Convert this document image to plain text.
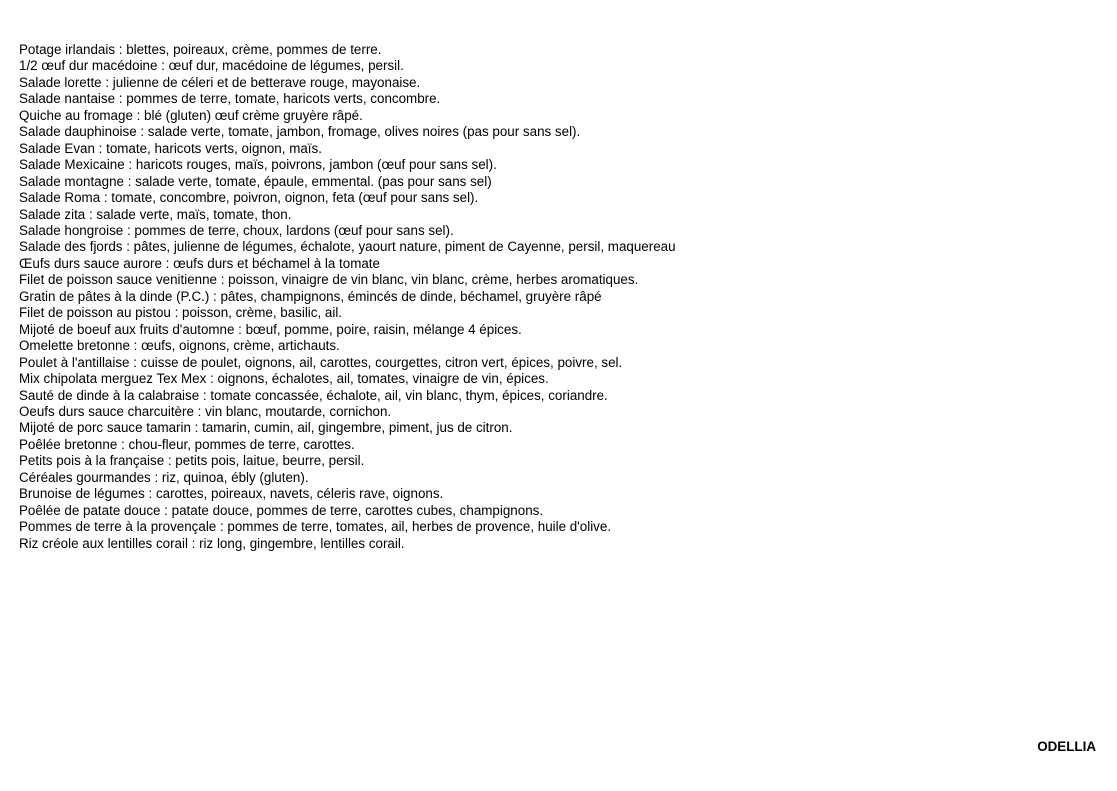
Potage irlandais : blettes, poireaux, crème, pommes de terre.
1/2 œuf dur macédoine : œuf dur, macédoine de légumes, persil.
Salade lorette : julienne de céleri et de betterave rouge, mayonaise.
Salade nantaise : pommes de terre, tomate, haricots verts, concombre.
Quiche au fromage : blé (gluten) œuf crème gruyère râpé.
Salade dauphinoise : salade verte, tomate, jambon, fromage, olives noires (pas pour sans sel).
Salade Evan : tomate, haricots verts, oignon, maïs.
Salade Mexicaine : haricots rouges, maïs, poivrons, jambon (œuf pour sans sel).
Salade montagne : salade verte, tomate, épaule, emmental. (pas pour sans sel)
Salade Roma : tomate, concombre, poivron, oignon, feta (œuf pour sans sel).
Salade zita : salade verte, maïs, tomate, thon.
Salade hongroise : pommes de terre, choux, lardons (œuf pour sans sel).
Salade des fjords : pâtes, julienne de légumes, échalote, yaourt nature, piment de Cayenne, persil, maquereau
Œufs durs sauce aurore : œufs durs et béchamel à la tomate
Filet de poisson sauce venitienne : poisson, vinaigre de vin blanc, vin blanc, crème, herbes aromatiques.
Gratin de pâtes à la dinde (P.C.) : pâtes, champignons, émincés de dinde, béchamel, gruyère râpé
Filet de poisson au pistou : poisson, crème, basilic, ail.
Mijoté de boeuf aux fruits d'automne : bœuf, pomme, poire, raisin, mélange 4 épices.
Omelette bretonne : œufs, oignons, crème, artichauts.
Poulet à l'antillaise : cuisse de poulet, oignons, ail, carottes, courgettes, citron vert, épices, poivre, sel.
Mix chipolata merguez Tex Mex : oignons, échalotes, ail, tomates, vinaigre de vin, épices.
Sauté de dinde à la calabraise : tomate concassée, échalote, ail, vin blanc, thym, épices, coriandre.
Oeufs durs sauce charcuitère : vin blanc, moutarde, cornichon.
Mijoté de porc sauce tamarin : tamarin, cumin, ail, gingembre, piment, jus de citron.
Poêlée bretonne : chou-fleur, pommes de terre, carottes.
Petits pois à la française : petits pois, laitue, beurre, persil.
Céréales gourmandes : riz, quinoa, ébly (gluten).
Brunoise de légumes : carottes, poireaux, navets, céleris rave, oignons.
Poêlée de patate douce : patate douce, pommes de terre, carottes cubes, champignons.
Pommes de terre à la provençale : pommes de terre, tomates, ail, herbes de provence, huile d'olive.
Riz créole aux lentilles corail : riz long, gingembre, lentilles corail.
ODELLIA
